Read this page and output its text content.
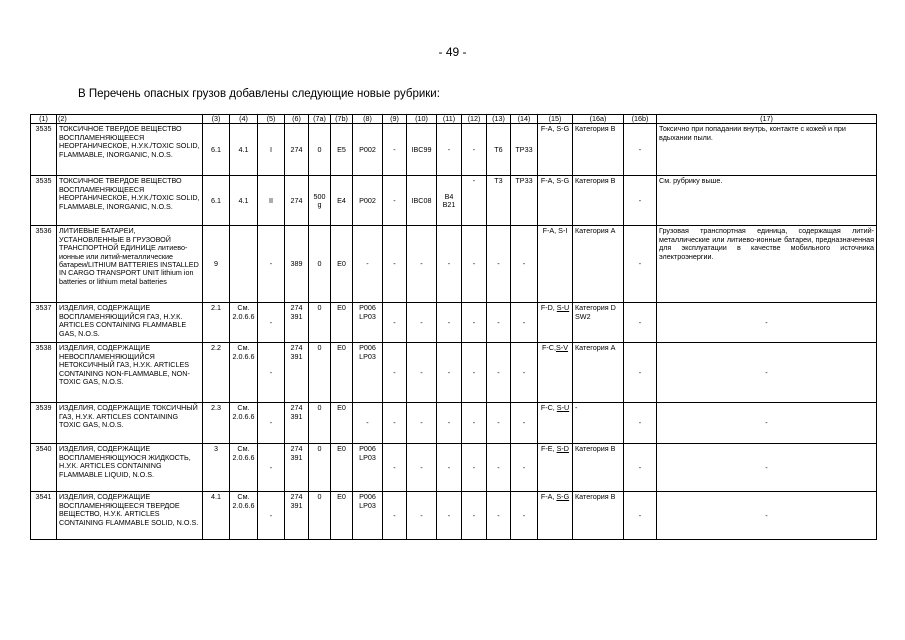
- 49 -
В Перечень опасных грузов добавлены следующие новые рубрики:
(1)	(2)	(3)	(4)	(5)	(6)	(7a)	(7b)	(8)	(9)	(10)	(11)	(12)	(13)	(14)	(15)	(16a)	(16b)	(17)
3535	ТОКСИЧНОЕ ТВЕРДОЕ ВЕЩЕСТВО ВОСПЛАМЕНЯЮЩЕЕСЯ НЕОРГАНИЧЕСКОЕ, Н.У.К./TOXIC SOLID, FLAMMABLE, INORGANIC, N.O.S.	6.1	4.1	I	274	0	E5	P002	-	IBC99	-	-	T6	TP33	F-A, S-G	Категория B	-	Токсично при попадании внутрь, контакте с кожей и при вдыхании пыли.
3535	ТОКСИЧНОЕ ТВЕРДОЕ ВЕЩЕСТВО ВОСПЛАМЕНЯЮЩЕЕСЯ НЕОРГАНИЧЕСКОЕ, Н.У.К./TOXIC SOLID, FLAMMABLE, INORGANIC, N.O.S.	6.1	4.1	II	274	500 g	E4	P002	-	IBC08	B4 B21	-	T3	TP33	F-A, S-G	Категория B	-	См. рубрику выше.
3536	ЛИТИЕВЫЕ БАТАРЕИ, УСТАНОВЛЕННЫЕ В ГРУЗОВОЙ ТРАНСПОРТНОЙ ЕДИНИЦЕ литиево-ионные или литий-металлические батареи/LITHIUM BATTERIES INSTALLED IN CARGO TRANSPORT UNIT lithium ion batteries or lithium metal batteries	9		-	389	0	E0	-	-	-	-	-	-	-	F-A, S-I	Категория A	-	Грузовая транспортная единица, содержащая литий-металлические или литиево-ионные батареи, предназначенная для эксплуатации в качестве мобильного источника электроэнергии.
3537	ИЗДЕЛИЯ, СОДЕРЖАЩИЕ ВОСПЛАМЕНЯЮЩИЙСЯ ГАЗ, Н.У.К. ARTICLES CONTAINING FLAMMABLE GAS, N.O.S.	2.1	См. 2.0.6.6	-	274 391	0	E0	P006 LP03	-	-	-	-	-	-	F-D, S-U	Категория D SW2	-	-
3538	ИЗДЕЛИЯ, СОДЕРЖАЩИЕ НЕВОСПЛАМЕНЯЮЩИЙСЯ НЕТОКСИЧНЫЙ ГАЗ, Н.У.К. ARTICLES CONTAINING NON-FLAMMABLE, NON-TOXIC GAS, N.O.S.	2.2	См. 2.0.6.6	-	274 391	0	E0	P006 LP03	-	-	-	-	-	-	F-C,S-V	Категория A	-	-
3539	ИЗДЕЛИЯ, СОДЕРЖАЩИЕ ТОКСИЧНЫЙ ГАЗ, Н.У.К. ARTICLES CONTAINING TOXIC GAS, N.O.S.	2.3	См. 2.0.6.6	-	274 391	0	E0	-	-	-	-	-	-	-	F-C, S-U	-	-	-
3540	ИЗДЕЛИЯ, СОДЕРЖАЩИЕ ВОСПЛАМЕНЯЮЩУЮСЯ ЖИДКОСТЬ, Н.У.К. ARTICLES CONTAINING FLAMMABLE LIQUID, N.O.S.	3	См. 2.0.6.6	-	274 391	0	E0	P006 LP03	-	-	-	-	-	-	F-E, S-D	Категория B	-	-
3541	ИЗДЕЛИЯ, СОДЕРЖАЩИЕ ВОСПЛАМЕНЯЮЩЕЕСЯ ТВЕРДОЕ ВЕЩЕСТВО, Н.У.К. ARTICLES CONTAINING FLAMMABLE SOLID, N.O.S.	4.1	См. 2.0.6.6	-	274 391	0	E0	P006 LP03	-	-	-	-	-	-	F-A, S-G	Категория B	-	-
